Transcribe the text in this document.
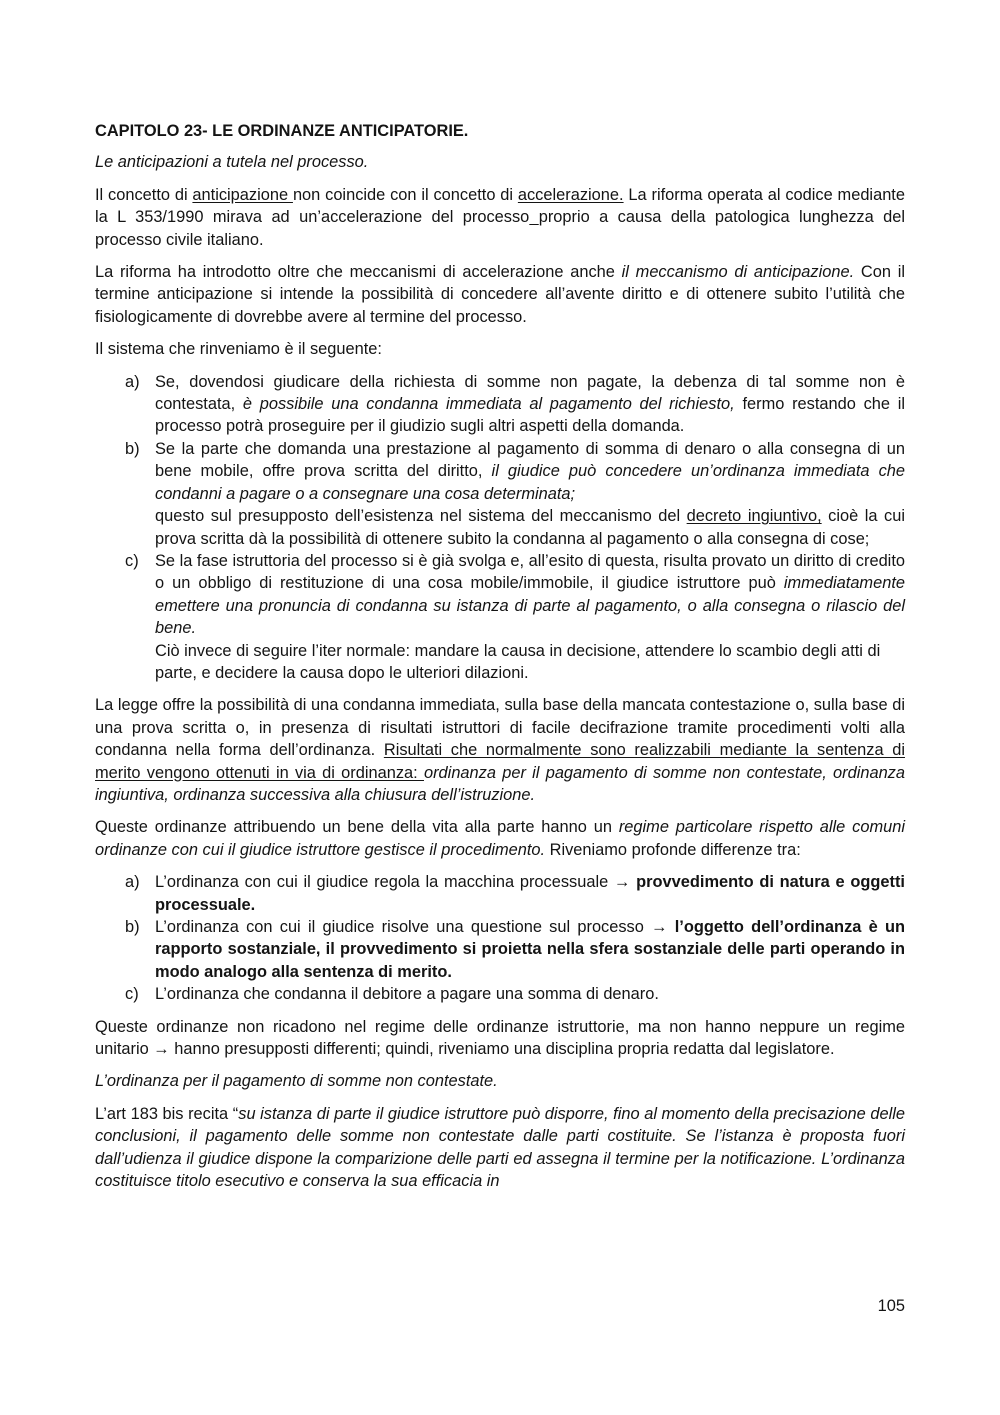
CAPITOLO 23- LE ORDINANZE ANTICIPATORIE.

Le anticipazioni a tutela nel processo.

Il concetto di anticipazione non coincide con il concetto di accelerazione. La riforma operata al codice mediante la L 353/1990 mirava ad un’accelerazione del processo proprio a causa della patologica lunghezza del processo civile italiano.

La riforma ha introdotto oltre che meccanismi di accelerazione anche il meccanismo di anticipazione. Con il termine anticipazione si intende la possibilità di concedere all’avente diritto e di ottenere subito l’utilità che fisiologicamente di dovrebbe avere al termine del processo.

Il sistema che rinveniamo è il seguente:

a) Se, dovendosi giudicare della richiesta di somme non pagate, la debenza di tal somme non è contestata, è possibile una condanna immediata al pagamento del richiesto, fermo restando che il processo potrà proseguire per il giudizio sugli altri aspetti della domanda.
b) Se la parte che domanda una prestazione al pagamento di somma di denaro o alla consegna di un bene mobile, offre prova scritta del diritto, il giudice può concedere un’ordinanza immediata che condanni a pagare o a consegnare una cosa determinata;
questo sul presupposto dell’esistenza nel sistema del meccanismo del decreto ingiuntivo, cioè la cui prova scritta dà la possibilità di ottenere subito la condanna al pagamento o alla consegna di cose;
c) Se la fase istruttoria del processo si è già svolga e, all’esito di questa, risulta provato un diritto di credito o un obbligo di restituzione di una cosa mobile/immobile, il giudice istruttore può immediatamente emettere una pronuncia di condanna su istanza di parte al pagamento, o alla consegna o rilascio del bene.
Ciò invece di seguire l’iter normale: mandare la causa in decisione, attendere lo scambio degli atti di parte, e decidere la causa dopo le ulteriori dilazioni.

La legge offre la possibilità di una condanna immediata, sulla base della mancata contestazione o, sulla base di una prova scritta o, in presenza di risultati istruttori di facile decifrazione tramite procedimenti volti alla condanna nella forma dell’ordinanza. Risultati che normalmente sono realizzabili mediante la sentenza di merito vengono ottenuti in via di ordinanza: ordinanza per il pagamento di somme non contestate, ordinanza ingiuntiva, ordinanza successiva alla chiusura dell’istruzione.

Queste ordinanze attribuendo un bene della vita alla parte hanno un regime particolare rispetto alle comuni ordinanze con cui il giudice istruttore gestisce il procedimento. Riveniamo profonde differenze tra:

a) L’ordinanza con cui il giudice regola la macchina processuale → provvedimento di natura e oggetti processuale.
b) L’ordinanza con cui il giudice risolve una questione sul processo → l’oggetto dell’ordinanza è un rapporto sostanziale, il provvedimento si proietta nella sfera sostanziale delle parti operando in modo analogo alla sentenza di merito.
c) L’ordinanza che condanna il debitore a pagare una somma di denaro.

Queste ordinanze non ricadono nel regime delle ordinanze istruttorie, ma non hanno neppure un regime unitario → hanno presupposti differenti; quindi, riveniamo una disciplina propria redatta dal legislatore.

L’ordinanza per il pagamento di somme non contestate.

L’art 183 bis recita “su istanza di parte il giudice istruttore può disporre, fino al momento della precisazione delle conclusioni, il pagamento delle somme non contestate dalle parti costituite. Se l’istanza è proposta fuori dall’udienza il giudice dispone la comparizione delle parti ed assegna il termine per la notificazione. L’ordinanza costituisce titolo esecutivo e conserva la sua efficacia in

105
